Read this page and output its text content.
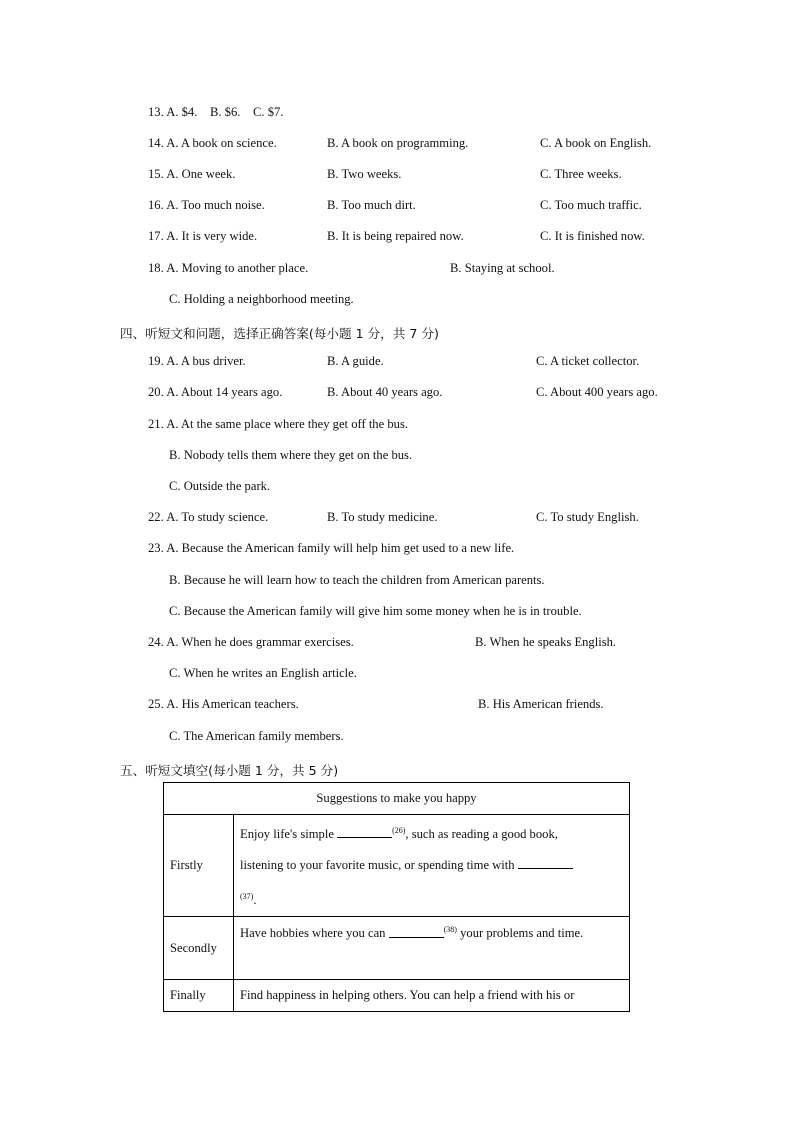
13. A. $4. B. $6. C. $7.
14. A. A book on science.	B. A book on programming.	C. A book on English.
15. A. One week.	B. Two weeks.	C. Three weeks.
16. A. Too much noise.	B. Too much dirt.	C. Too much traffic.
17. A. It is very wide.	B. It is being repaired now.	C. It is finished now.
18. A. Moving to another place.	B. Staying at school.
C. Holding a neighborhood meeting.
四、听短文和问题，选择正确答案(每小题 1 分，共 7 分)
19. A. A bus driver.	B. A guide.	C. A ticket collector.
20. A. About 14 years ago.	B. About 40 years ago.	C. About 400 years ago.
21. A. At the same place where they get off the bus.
B. Nobody tells them where they get on the bus.
C. Outside the park.
22. A. To study science.	B. To study medicine.	C. To study English.
23. A. Because the American family will help him get used to a new life.
B. Because he will learn how to teach the children from American parents.
C. Because the American family will give him some money when he is in trouble.
24. A. When he does grammar exercises.	B. When he speaks English.
C. When he writes an English article.
25. A. His American teachers.	B. His American friends.
C. The American family members.
五、听短文填空(每小题 1 分，共 5 分)
Suggestions to make you happy	
Firstly	Enjoy life's simple $^{(26)}$, such as reading a good book,
listening to your favorite music, or spending time with
$^{(37)}$.
Secondly	Have hobbies where you can $^{(38)}$ your problems and time.
Finally	Find happiness in helping others. You can help a friend with his or
